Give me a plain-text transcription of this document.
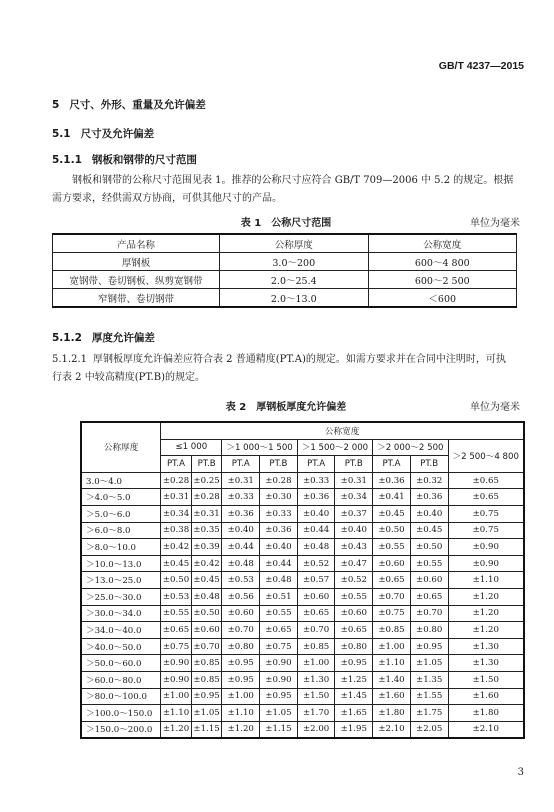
GB/T 4237—2015
5 尺寸、外形、重量及允许偏差
5.1 尺寸及允许偏差
5.1.1 钢板和钢带的尺寸范围
钢板和钢带的公称尺寸范围见表 1。推荐的公称尺寸应符合 GB/T 709—2006 中 5.2 的规定。根据需方要求，经供需双方协商，可供其他尺寸的产品。
表 1　公称尺寸范围	单位为毫米
产品名称	公称厚度	公称宽度
厚钢板	3.0～200	600～4 800
宽钢带、卷切钢板、纵剪宽钢带	2.0～25.4	600～2 500
窄钢带、卷切钢带	2.0～13.0	＜600
5.1.2 厚度允许偏差
5.1.2.1 厚钢板厚度允许偏差应符合表 2 普通精度(PT.A)的规定。如需方要求并在合同中注明时，可执行表 2 中较高精度(PT.B)的规定。
表 2　厚钢板厚度允许偏差	单位为毫米
公称厚度	公称宽度								
	≤1 000		＞1 000～1 500		＞1 500～2 000		＞2 000～2 500		＞2 500～4 800
	PT.A	PT.B	PT.A	PT.B	PT.A	PT.B	PT.A	PT.B	
3.0～4.0	±0.28	±0.25	±0.31	±0.28	±0.33	±0.31	±0.36	±0.32	±0.65
＞4.0～5.0	±0.31	±0.28	±0.33	±0.30	±0.36	±0.34	±0.41	±0.36	±0.65
＞5.0～6.0	±0.34	±0.31	±0.36	±0.33	±0.40	±0.37	±0.45	±0.40	±0.75
＞6.0～8.0	±0.38	±0.35	±0.40	±0.36	±0.44	±0.40	±0.50	±0.45	±0.75
＞8.0～10.0	±0.42	±0.39	±0.44	±0.40	±0.48	±0.43	±0.55	±0.50	±0.90
＞10.0～13.0	±0.45	±0.42	±0.48	±0.44	±0.52	±0.47	±0.60	±0.55	±0.90
＞13.0～25.0	±0.50	±0.45	±0.53	±0.48	±0.57	±0.52	±0.65	±0.60	±1.10
＞25.0～30.0	±0.53	±0.48	±0.56	±0.51	±0.60	±0.55	±0.70	±0.65	±1.20
＞30.0～34.0	±0.55	±0.50	±0.60	±0.55	±0.65	±0.60	±0.75	±0.70	±1.20
＞34.0～40.0	±0.65	±0.60	±0.70	±0.65	±0.70	±0.65	±0.85	±0.80	±1.20
＞40.0～50.0	±0.75	±0.70	±0.80	±0.75	±0.85	±0.80	±1.00	±0.95	±1.30
＞50.0～60.0	±0.90	±0.85	±0.95	±0.90	±1.00	±0.95	±1.10	±1.05	±1.30
＞60.0～80.0	±0.90	±0.85	±0.95	±0.90	±1.30	±1.25	±1.40	±1.35	±1.50
＞80.0～100.0	±1.00	±0.95	±1.00	±0.95	±1.50	±1.45	±1.60	±1.55	±1.60
＞100.0～150.0	±1.10	±1.05	±1.10	±1.05	±1.70	±1.65	±1.80	±1.75	±1.80
＞150.0～200.0	±1.20	±1.15	±1.20	±1.15	±2.00	±1.95	±2.10	±2.05	±2.10
3
